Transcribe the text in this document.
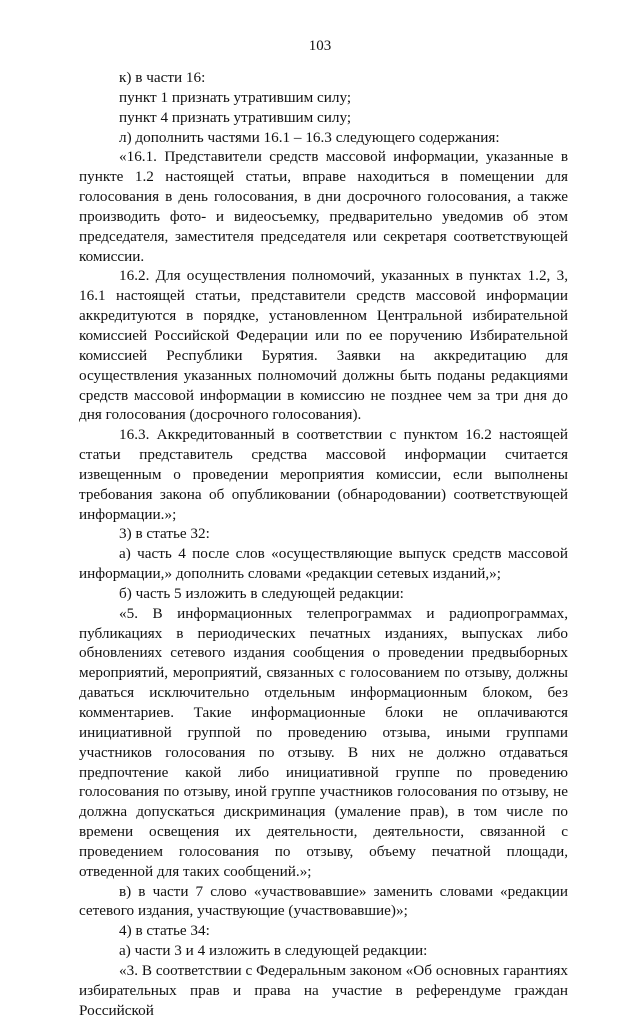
103

к) в части 16:

пункт 1 признать утратившим силу;

пункт 4 признать утратившим силу;

л) дополнить частями 16.1 – 16.3 следующего содержания:

«16.1. Представители средств массовой информации, указанные в пункте 1.2 настоящей статьи, вправе находиться в помещении для голосования в день голосования, в дни досрочного голосования, а также производить фото- и видеосъемку, предварительно уведомив об этом председателя, заместителя председателя или секретаря соответствующей комиссии.

16.2. Для осуществления полномочий, указанных в пунктах 1.2, 3, 16.1 настоящей статьи, представители средств массовой информации аккредитуются в порядке, установленном Центральной избирательной комиссией Российской Федерации или по ее поручению Избирательной комиссией Республики Бурятия. Заявки на аккредитацию для осуществления указанных полномочий должны быть поданы редакциями средств массовой информации в комиссию не позднее чем за три дня до дня голосования (досрочного голосования).

16.3. Аккредитованный в соответствии с пунктом 16.2 настоящей статьи представитель средства массовой информации считается извещенным о проведении мероприятия комиссии, если выполнены требования закона об опубликовании (обнародовании) соответствующей информации.»;

3) в статье 32:

а) часть 4 после слов «осуществляющие выпуск средств массовой информации,» дополнить словами «редакции сетевых изданий,»;

б) часть 5 изложить в следующей редакции:

«5. В информационных телепрограммах и радиопрограммах, публикациях в периодических печатных изданиях, выпусках либо обновлениях сетевого издания сообщения о проведении предвыборных мероприятий, мероприятий, связанных с голосованием по отзыву, должны даваться исключительно отдельным информационным блоком, без комментариев. Такие информационные блоки не оплачиваются инициативной группой по проведению отзыва, иными группами участников голосования по отзыву. В них не должно отдаваться предпочтение какой либо инициативной группе по проведению голосования по отзыву, иной группе участников голосования по отзыву, не должна допускаться дискриминация (умаление прав), в том числе по времени освещения их деятельности, деятельности, связанной с проведением голосования по отзыву, объему печатной площади, отведенной для таких сообщений.»;

в) в части 7 слово «участвовавшие» заменить словами «редакции сетевого издания, участвующие (участвовавшие)»;

4) в статье 34:

а) части 3 и 4 изложить в следующей редакции:

«3. В соответствии с Федеральным законом «Об основных гарантиях избирательных прав и права на участие в референдуме граждан Российской
